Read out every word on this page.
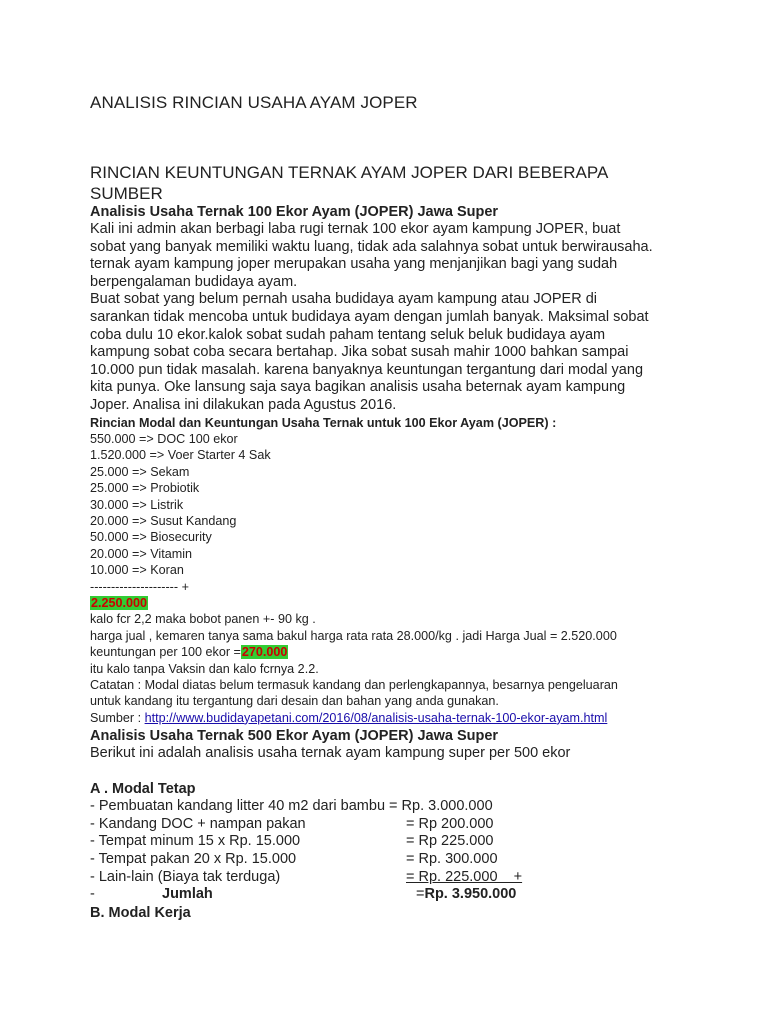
ANALISIS RINCIAN USAHA AYAM JOPER
RINCIAN KEUNTUNGAN TERNAK AYAM JOPER DARI BEBERAPA SUMBER
Analisis Usaha Ternak 100 Ekor Ayam (JOPER) Jawa Super
Kali ini admin akan berbagi laba rugi ternak 100 ekor ayam kampung JOPER, buat
sobat yang banyak memiliki waktu luang, tidak ada salahnya sobat untuk berwirausaha.
ternak ayam kampung joper merupakan usaha yang menjanjikan bagi yang sudah
berpengalaman budidaya ayam.
Buat sobat yang belum pernah usaha budidaya ayam kampung atau JOPER di
sarankan tidak mencoba untuk budidaya ayam dengan jumlah banyak. Maksimal sobat
coba dulu 10 ekor.kalok sobat sudah paham tentang seluk beluk budidaya ayam
kampung sobat coba secara bertahap. Jika sobat susah mahir 1000 bahkan sampai
10.000 pun tidak masalah. karena banyaknya keuntungan tergantung dari modal yang
kita punya. Oke lansung saja saya bagikan analisis usaha beternak ayam kampung
Joper. Analisa ini dilakukan pada Agustus 2016.
Rincian Modal dan Keuntungan Usaha Ternak untuk 100 Ekor Ayam (JOPER) :
550.000 => DOC 100 ekor
1.520.000 => Voer Starter 4 Sak
25.000 => Sekam
25.000 => Probiotik
30.000 => Listrik
20.000 => Susut Kandang
50.000 => Biosecurity
20.000 => Vitamin
10.000 => Koran
--------------------- +
2.250.000
kalo fcr 2,2 maka bobot panen +- 90 kg .
harga jual , kemaren tanya sama bakul harga rata rata 28.000/kg . jadi Harga Jual = 2.520.000
keuntungan per 100 ekor =270.000
itu kalo tanpa Vaksin dan kalo fcrnya 2.2.
Catatan : Modal diatas belum termasuk kandang dan perlengkapannya, besarnya pengeluaran
untuk kandang itu tergantung dari desain dan bahan yang anda gunakan.
Sumber : http://www.budidayapetani.com/2016/08/analisis-usaha-ternak-100-ekor-ayam.html
Analisis Usaha Ternak 500 Ekor Ayam (JOPER) Jawa Super
Berikut ini adalah analisis usaha ternak ayam kampung super per 500 ekor
A . Modal Tetap
- Pembuatan kandang litter 40 m2 dari bambu = Rp. 3.000.000
- Kandang DOC + nampan pakan	= Rp 200.000
- Tempat minum 15 x Rp. 15.000	= Rp 225.000
- Tempat pakan 20 x Rp. 15.000	= Rp. 300.000
- Lain-lain (Biaya tak terduga)	= Rp. 225.000    +
-	Jumlah	= Rp. 3.950.000
B. Modal Kerja
